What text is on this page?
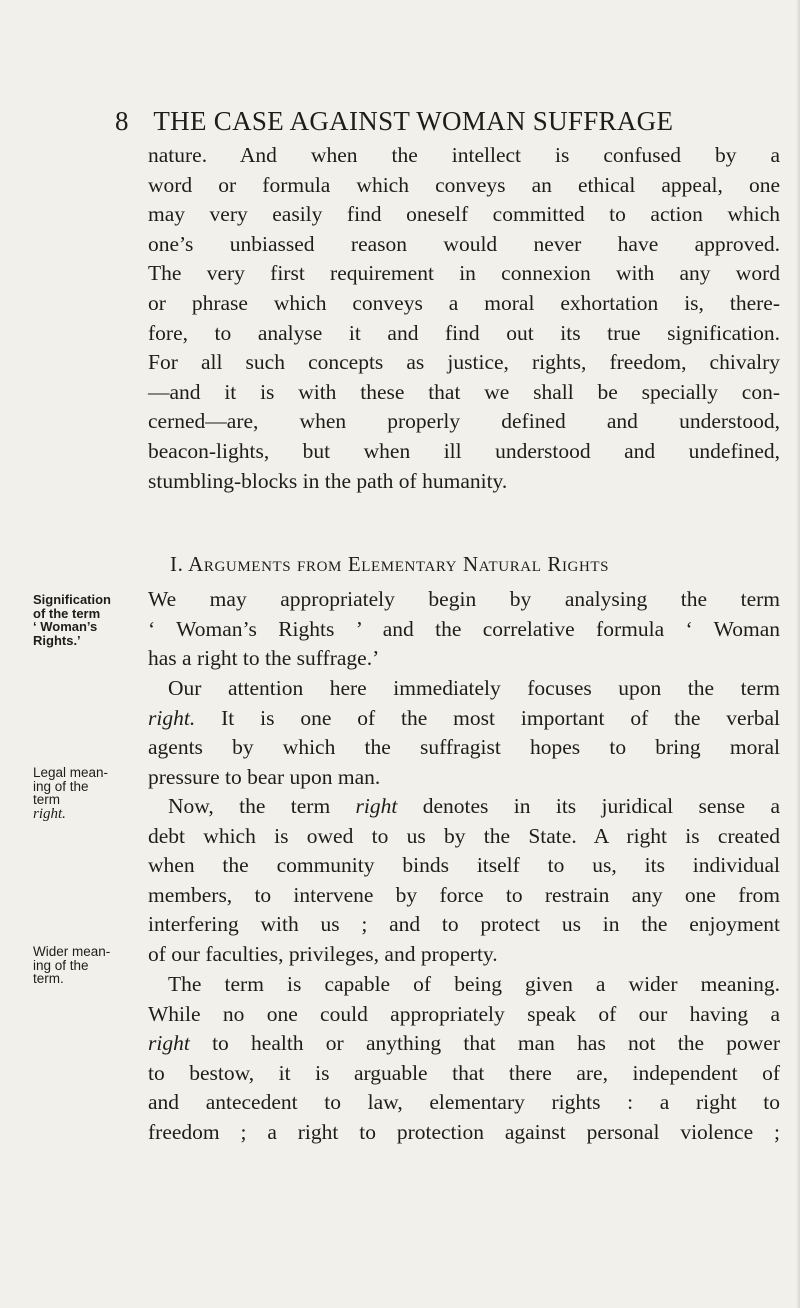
8 THE CASE AGAINST WOMAN SUFFRAGE
nature. And when the intellect is confused by a
word or formula which conveys an ethical appeal, one
may very easily find oneself committed to action which
one’s unbiassed reason would never have approved.
The very first requirement in connexion with any word
or phrase which conveys a moral exhortation is, there-
fore, to analyse it and find out its true signification.
For all such concepts as justice, rights, freedom, chivalry
—and it is with these that we shall be specially con-
cerned—are, when properly defined and understood,
beacon-lights, but when ill understood and undefined,
stumbling-blocks in the path of humanity.
I. Arguments from Elementary Natural Rights
Signification
of the term
‘ Woman’s
Rights.’
Legal mean-
ing of the
term
right.
Wider mean-
ing of the
term.
We may appropriately begin by analysing the term
‘ Woman’s Rights ’ and the correlative formula ‘ Woman
has a right to the suffrage.’
Our attention here immediately focuses upon the term
right. It is one of the most important of the verbal
agents by which the suffragist hopes to bring moral
pressure to bear upon man.
Now, the term right denotes in its juridical sense a
debt which is owed to us by the State. A right is created
when the community binds itself to us, its individual
members, to intervene by force to restrain any one from
interfering with us ; and to protect us in the enjoyment
of our faculties, privileges, and property.
The term is capable of being given a wider meaning.
While no one could appropriately speak of our having a
right to health or anything that man has not the power
to bestow, it is arguable that there are, independent of
and antecedent to law, elementary rights : a right to
freedom ; a right to protection against personal violence ;
